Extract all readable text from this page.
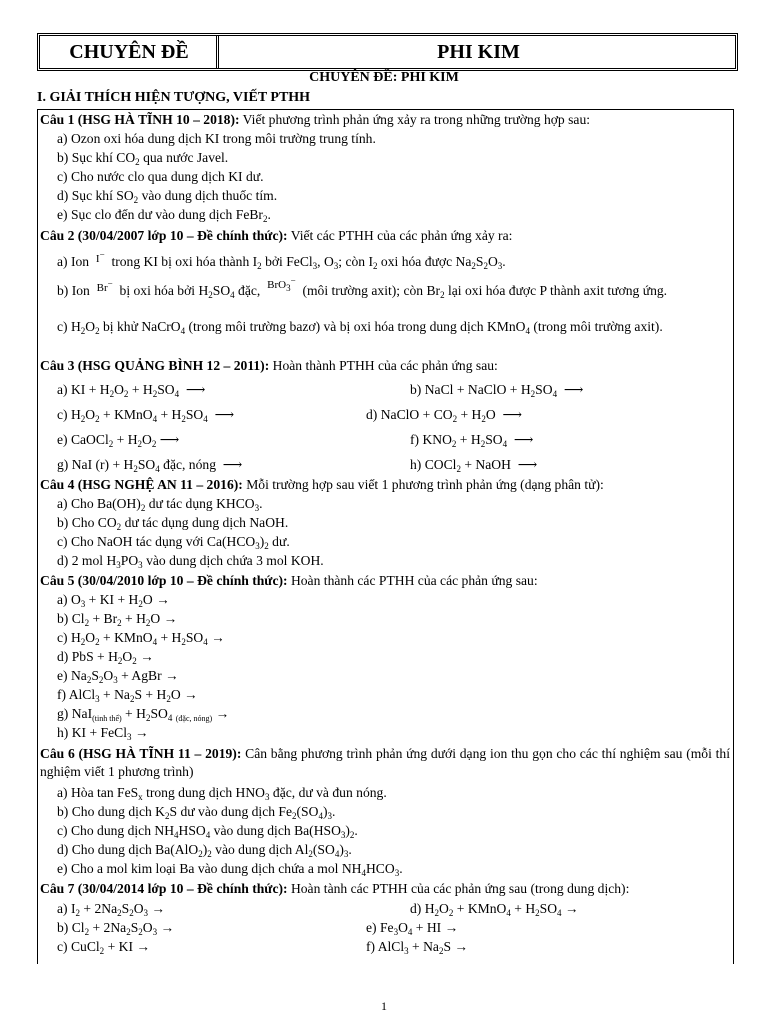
CHUYÊN ĐỀ	PHI KIM
CHUYÊN ĐỀ: PHI KIM
I. GIẢI THÍCH HIỆN TƯỢNG, VIẾT PTHH
Câu 1 (HSG HÀ TĨNH 10 – 2018): Viết phương trình phản ứng xảy ra trong những trường hợp sau:
a) Ozon oxi hóa dung dịch KI trong môi trường trung tính.
b) Sục khí $CO_2$ qua nước Javel.
c) Cho nước clo qua dung dịch KI dư.
d) Sục khí $SO_2$ vào dung dịch thuốc tím.
e) Sục clo đến dư vào dung dịch FeBr$_2$.
Câu 2 (30/04/2007 lớp 10 – Đề chính thức): Viết các PTHH của các phản ứng xảy ra:
a) Ion  $^{I^-}$  trong KI bị oxi hóa thành $I_2$ bởi FeCl$_3$, $O_3$; còn $I_2$ oxi hóa được $Na_2S_2O_3$.
b) Ion  $^{Br^-}$  bị oxi hóa bởi $H_2SO_4$ đặc,  $^{BrO_3^-}$  (môi trường axit); còn $Br_2$ lại oxi hóa được P thành axit tương ứng.
c) $H_2O_2$ bị khử NaCrO$_4$ (trong môi trường bazơ) và bị oxi hóa trong dung dịch KMnO$_4$ (trong môi trường axit).
Câu 3 (HSG QUẢNG BÌNH 12 – 2011): Hoàn thành PTHH của các phản ứng sau:
a) KI + $H_2O_2 + H_2SO_4$  ⟶	b) NaCl + NaClO + $H_2SO_4$  ⟶
c) $H_2O_2$ + KMnO$_4$ + $H_2SO_4$  ⟶	d) NaClO + $CO_2 + H_2O$  ⟶
e) CaOCl$_2$ + $H_2O_2$ ⟶	f) $KNO_2 + H_2SO_4$  ⟶
g) NaI $(r) + H_2SO_4$ đặc, nóng  ⟶	h) COCl$_2$ + NaOH  ⟶
Câu 4 (HSG NGHỆ AN 11 – 2016): Mỗi trường hợp sau viết 1 phương trình phản ứng (dạng phân tử):
a) Cho $Ba(OH)_2$ dư tác dụng $KHCO_3$.
b) Cho $CO_2$ dư tác dụng dung dịch NaOH.
c) Cho NaOH tác dụng với $Ca(HCO_3)_2$ dư.
d) 2 mol $H_3PO_3$ vào dung dịch chứa 3 mol KOH.
Câu 5 (30/04/2010 lớp 10 – Đề chính thức): Hoàn thành các PTHH của các phản ứng sau:
a) $O_3$ + KI + $H_2O$ →
b) $Cl_2 + Br_2 + H_2O$ →
c) $H_2O_2$ + KMnO$_4$ + $H_2SO_4$ →
d) PbS + $H_2O_2$ →
e) $Na_2S_2O_3$ + AgBr →
f) AlCl$_3$ + $Na_2S + H_2O$ →
g) $NaI_{(tinh thể)} + H_2SO_4$ $_{(đặc, nóng)}$ →
h) KI + FeCl$_3$ →
Câu 6 (HSG HÀ TĨNH 11 – 2019): Cân bằng phương trình phản ứng dưới dạng ion thu gọn cho các thí nghiệm sau (mỗi thí nghiệm viết 1 phương trình)
a) Hòa tan FeS$_x$ trong dung dịch $HNO_3$ đặc, dư và đun nóng.
b) Cho dung dịch $K_2S$ dư vào dung dịch $Fe_2(SO_4)_3$.
c) Cho dung dịch $NH_4HSO_4$ vào dung dịch $Ba(HSO_3)_2$.
d) Cho dung dịch $Ba(AlO_2)_2$ vào dung dịch $Al_2(SO_4)_3$.
e) Cho a mol kim loại Ba vào dung dịch chứa a mol $NH_4HCO_3$.
Câu 7 (30/04/2014 lớp 10 – Đề chính thức): Hoàn tành các PTHH của các phản ứng sau (trong dung dịch):
a) $I_2 + 2Na_2S_2O_3$ →	d) $H_2O_2$ + KMnO$_4$ + $H_2SO_4$ →
b) $Cl_2 + 2Na_2S_2O_3$ →	e) $Fe_3O_4$ + HI →
c) CuCl$_2$ + KI →	f) AlCl$_3$ + $Na_2S$ →
1
